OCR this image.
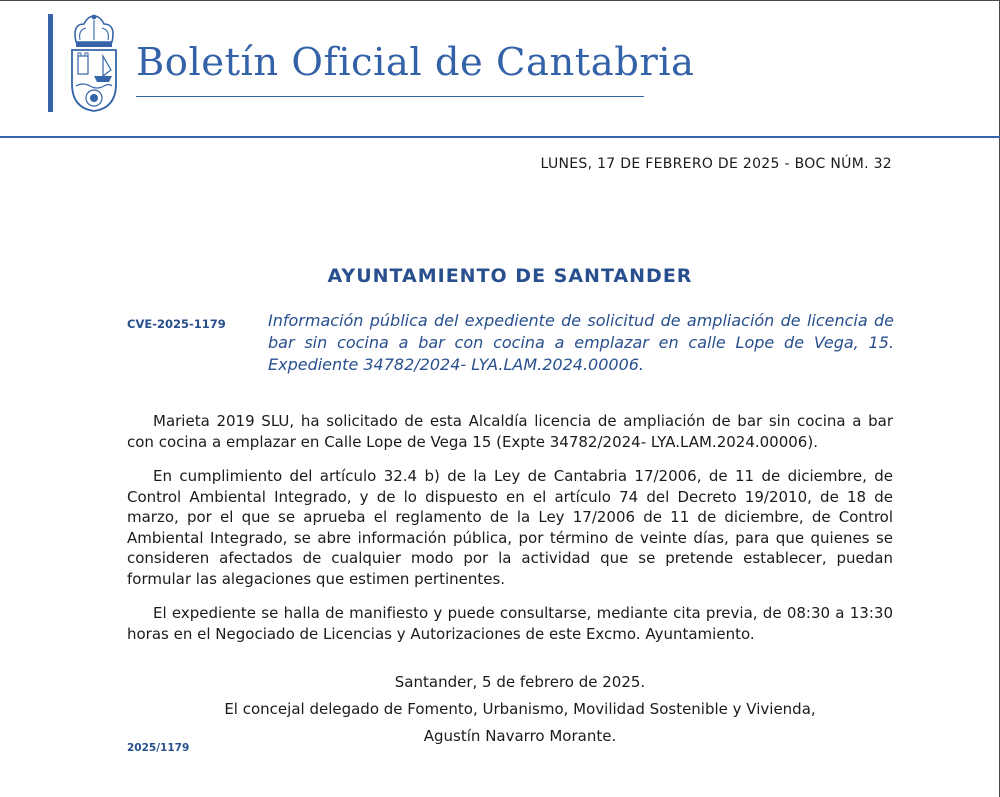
Boletín Oficial de Cantabria
LUNES, 17 DE FEBRERO DE 2025 - BOC NÚM. 32
AYUNTAMIENTO DE SANTANDER
CVE-2025-1179	Información pública del expediente de solicitud de ampliación de licencia de bar sin cocina a bar con cocina a emplazar en calle Lope de Vega, 15. Expediente 34782/2024- LYA.LAM.2024.00006.

Marieta 2019 SLU, ha solicitado de esta Alcaldía licencia de ampliación de bar sin cocina a bar con cocina a emplazar en Calle Lope de Vega 15 (Expte 34782/2024- LYA.LAM.2024.00006).

En cumplimiento del artículo 32.4 b) de la Ley de Cantabria 17/2006, de 11 de diciembre, de Control Ambiental Integrado, y de lo dispuesto en el artículo 74 del Decreto 19/2010, de 18 de marzo, por el que se aprueba el reglamento de la Ley 17/2006 de 11 de diciembre, de Control Ambiental Integrado, se abre información pública, por término de veinte días, para que quienes se consideren afectados de cualquier modo por la actividad que se pretende establecer, puedan formular las alegaciones que estimen pertinentes.

El expediente se halla de manifiesto y puede consultarse, mediante cita previa, de 08:30 a 13:30 horas en el Negociado de Licencias y Autorizaciones de este Excmo. Ayuntamiento.

Santander, 5 de febrero de 2025.
El concejal delegado de Fomento, Urbanismo, Movilidad Sostenible y Vivienda,
Agustín Navarro Morante.
2025/1179
